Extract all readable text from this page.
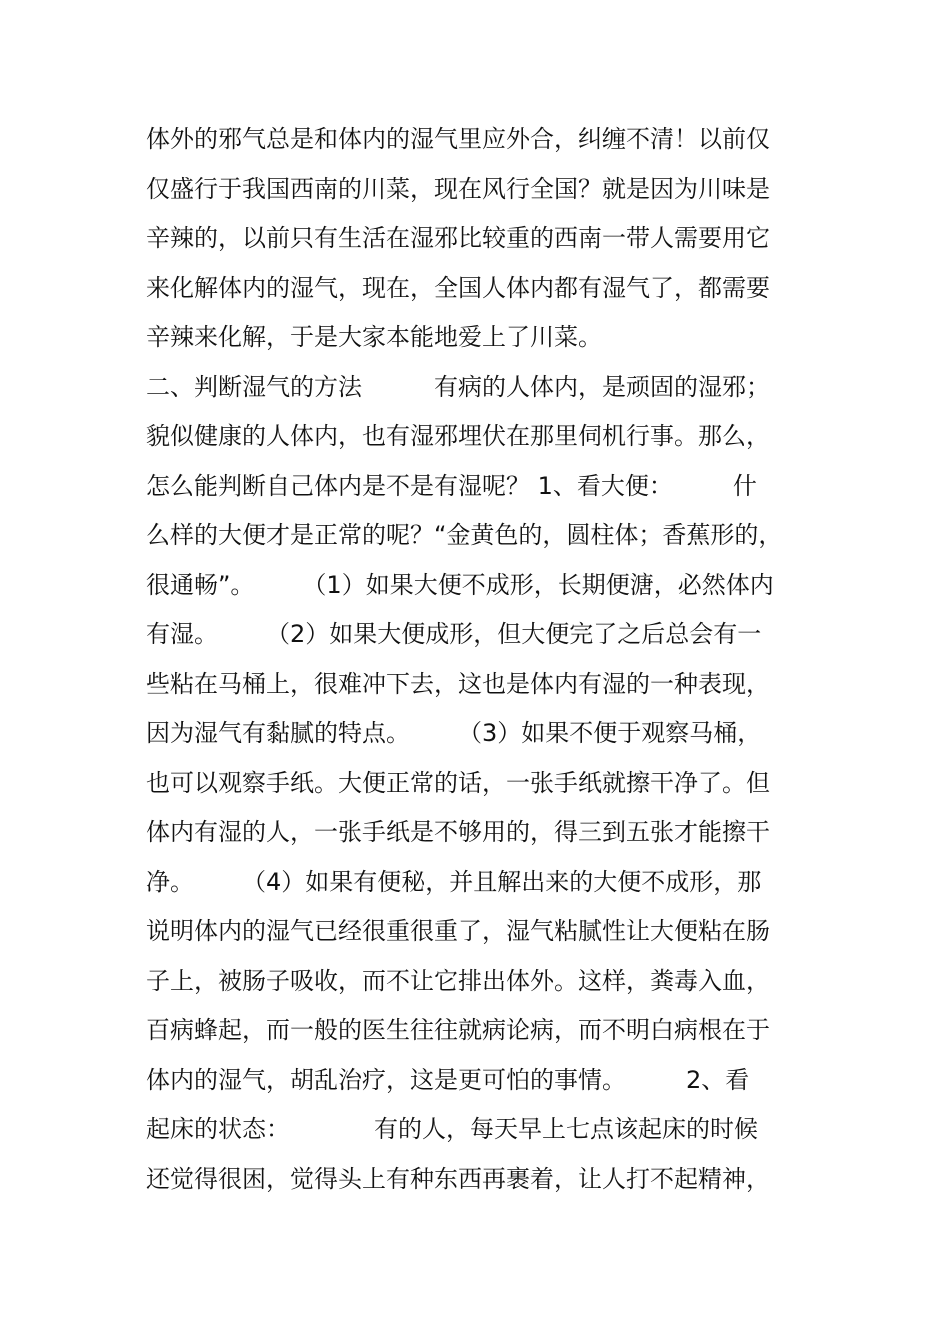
体外的邪气总是和体内的湿气里应外合，纠缠不清！以前仅
仅盛行于我国西南的川菜，现在风行全国？就是因为川味是
辛辣的，以前只有生活在湿邪比较重的西南一带人需要用它
来化解体内的湿气，现在，全国人体内都有湿气了，都需要
辛辣来化解，于是大家本能地爱上了川菜。
二、判断湿气的方法　　　有病的人体内，是顽固的湿邪；
貌似健康的人体内，也有湿邪埋伏在那里伺机行事。那么，
怎么能判断自己体内是不是有湿呢？ 1、看大便：　　　什
么样的大便才是正常的呢？“金黄色的，圆柱体；香蕉形的，
很通畅”。　　　（1）如果大便不成形，长期便溏，必然体内
有湿。　　　（2）如果大便成形，但大便完了之后总会有一
些粘在马桶上，很难冲下去，这也是体内有湿的一种表现，
因为湿气有黏腻的特点。　　　（3）如果不便于观察马桶，
也可以观察手纸。大便正常的话，一张手纸就擦干净了。但
体内有湿的人，一张手纸是不够用的，得三到五张才能擦干
净。　　　（4）如果有便秘，并且解出来的大便不成形，那
说明体内的湿气已经很重很重了，湿气粘腻性让大便粘在肠
子上，被肠子吸收，而不让它排出体外。这样，粪毒入血，
百病蜂起，而一般的医生往往就病论病，而不明白病根在于
体内的湿气，胡乱治疗，这是更可怕的事情。　　　2、看
起床的状态：　　　　有的人，每天早上七点该起床的时候
还觉得很困，觉得头上有种东西再裹着，让人打不起精神，
